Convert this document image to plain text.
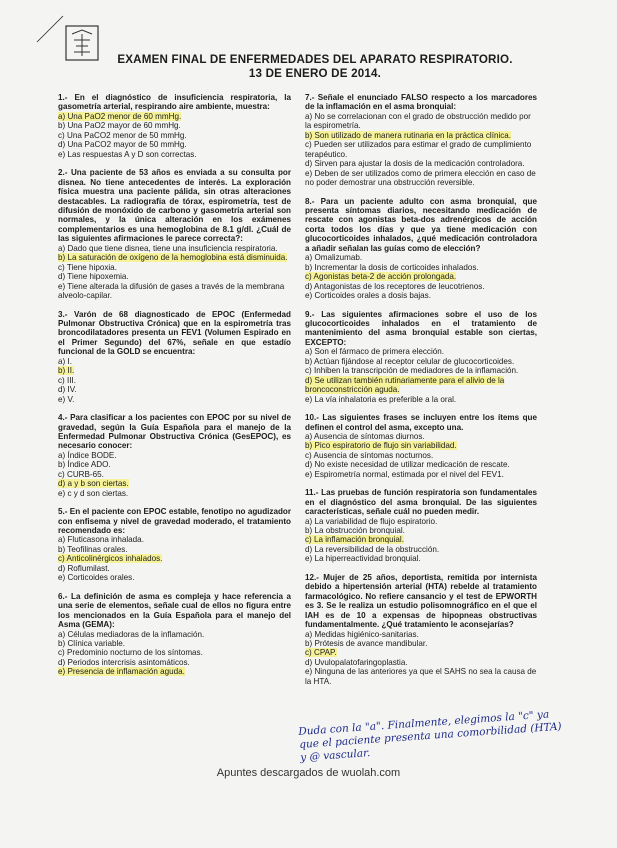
EXAMEN FINAL DE ENFERMEDADES DEL APARATO RESPIRATORIO.
13 DE ENERO DE 2014.
1.- En el diagnóstico de insuficiencia respiratoria, la gasometría arterial, respirando aire ambiente, muestra:
a) Una PaO2 menor de 60 mmHg.
b) Una PaO2 mayor de 60 mmHg.
c) Una PaCO2 menor de 50 mmHg.
d) Una PaCO2 mayor de 50 mmHg.
e) Las respuestas A y D son correctas.
2.- Una paciente de 53 años es enviada a su consulta por disnea. No tiene antecedentes de interés. La exploración física muestra una paciente pálida, sin otras alteraciones destacables. La radiografía de tórax, espirometría, test de difusión de monóxido de carbono y gasometría arterial son normales, y la única alteración en los exámenes complementarios es una hemoglobina de 8.1 g/dl. ¿Cuál de las siguientes afirmaciones le parece correcta?:
a) Dado que tiene disnea, tiene una insuficiencia respiratoria.
b) La saturación de oxígeno de la hemoglobina está disminuida.
c) Tiene hipoxia.
d) Tiene hipoxemia.
e) Tiene alterada la difusión de gases a través de la membrana alveolo-capilar.
3.- Varón de 68 diagnosticado de EPOC (Enfermedad Pulmonar Obstructiva Crónica) que en la espirometría tras broncodilatadores presenta un FEV1 (Volumen Espirado en el Primer Segundo) del 67%, señale en que estadío funcional de la GOLD se encuentra:
a) I.
b) II.
c) III.
d) IV.
e) V.
4.- Para clasificar a los pacientes con EPOC por su nivel de gravedad, según la Guía Española para el manejo de la Enfermedad Pulmonar Obstructiva Crónica (GesEPOC), es necesario conocer:
a) Índice BODE.
b) Índice ADO.
c) CURB-65.
d) a y b son ciertas.
e) c y d son ciertas.
5.- En el paciente con EPOC estable, fenotipo no agudizador con enfisema y nivel de gravedad moderado, el tratamiento recomendado es:
a) Fluticasona inhalada.
b) Teofilinas orales.
c) Anticolinérgicos inhalados.
d) Roflumilast.
e) Corticoides orales.
6.- La definición de asma es compleja y hace referencia a una serie de elementos, señale cual de ellos no figura entre los mencionados en la Guía Española para el manejo del Asma (GEMA):
a) Células mediadoras de la inflamación.
b) Clínica variable.
c) Predominio nocturno de los síntomas.
d) Periodos intercrisis asintomáticos.
e) Presencia de inflamación aguda.
7.- Señale el enunciado FALSO respecto a los marcadores de la inflamación en el asma bronquial:
a) No se correlacionan con el grado de obstrucción medido por la espirometría.
b) Son utilizado de manera rutinaria en la práctica clínica.
c) Pueden ser utilizados para estimar el grado de cumplimiento terapéutico.
d) Sirven para ajustar la dosis de la medicación controladora.
e) Deben de ser utilizados como de primera elección en caso de no poder demostrar una obstrucción reversible.
8.- Para un paciente adulto con asma bronquial, que presenta síntomas diarios, necesitando medicación de rescate con agonistas beta-dos adrenérgicos de acción corta todos los días y que ya tiene medicación con glucocorticoides inhalados, ¿qué medicación controladora a añadir señalan las guías como de elección?
a) Omalizumab.
b) Incrementar la dosis de corticoides inhalados.
c) Agonistas beta-2 de acción prolongada.
d) Antagonistas de los receptores de leucotrienos.
e) Corticoides orales a dosis bajas.
9.- Las siguientes afirmaciones sobre el uso de los glucocorticoides inhalados en el tratamiento de mantenimiento del asma bronquial estable son ciertas, EXCEPTO:
a) Son el fármaco de primera elección.
b) Actúan fijándose al receptor celular de glucocorticoides.
c) Inhiben la transcripción de mediadores de la inflamación.
d) Se utilizan también rutinariamente para el alivio de la broncoconstricción aguda.
e) La vía inhalatoria es preferible a la oral.
10.- Las siguientes frases se incluyen entre los ítems que definen el control del asma, excepto una.
a) Ausencia de síntomas diurnos.
b) Pico espiratorio de flujo sin variabilidad.
c) Ausencia de síntomas nocturnos.
d) No existe necesidad de utilizar medicación de rescate.
e) Espirometría normal, estimada por el nivel del FEV1.
11.- Las pruebas de función respiratoria son fundamentales en el diagnóstico del asma bronquial. De las siguientes características, señale cuál no pueden medir.
a) La variabilidad de flujo espiratorio.
b) La obstrucción bronquial.
c) La inflamación bronquial.
d) La reversibilidad de la obstrucción.
e) La hiperreactividad bronquial.
12.- Mujer de 25 años, deportista, remitida por internista debido a hipertensión arterial (HTA) rebelde al tratamiento farmacológico. No refiere cansancio y el test de EPWORTH es 3. Se le realiza un estudio polisomnográfico en el que el IAH es de 10 a expensas de hipopneas obstructivas fundamentalmente. ¿Qué tratamiento le aconsejarías?
a) Medidas higiénico-sanitarias.
b) Prótesis de avance mandibular.
c) CPAP.
d) Uvulopalatofaringoplastia.
e) Ninguna de las anteriores ya que el SAHS no sea la causa de la HTA.
Duda con la "a". Finalmente, elegimos la "c" ya que el paciente presenta una comorbilidad (HTA) y @ vascular.
Apuntes descargados de wuolah.com
